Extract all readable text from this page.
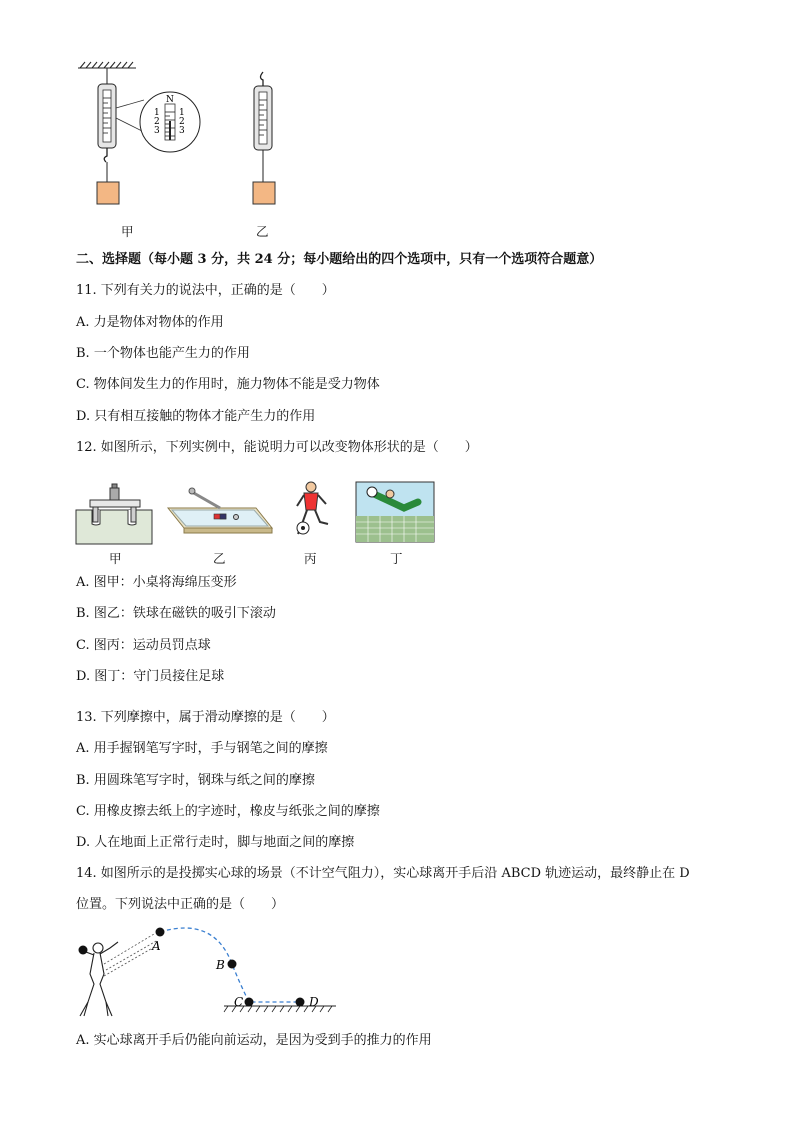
N
1
2
3
1
2
3
甲	乙
二、选择题（每小题 3 分，共 24 分；每小题给出的四个选项中，只有一个选项符合题意）
11. 下列有关力的说法中，正确的是（　　）
A. 力是物体对物体的作用
B. 一个物体也能产生力的作用
C. 物体间发生力的作用时，施力物体不能是受力物体
D. 只有相互接触的物体才能产生力的作用
12. 如图所示，下列实例中，能说明力可以改变物体形状的是（　　）
甲	乙	丙	丁
A. 图甲：小桌将海绵压变形
B. 图乙：铁球在磁铁的吸引下滚动
C. 图丙：运动员罚点球
D. 图丁：守门员接住足球
13. 下列摩擦中，属于滑动摩擦的是（　　）
A. 用手握钢笔写字时，手与钢笔之间的摩擦
B. 用圆珠笔写字时，钢珠与纸之间的摩擦
C. 用橡皮擦去纸上的字迹时，橡皮与纸张之间的摩擦
D. 人在地面上正常行走时，脚与地面之间的摩擦
14. 如图所示的是投掷实心球的场景（不计空气阻力），实心球离开手后沿 ABCD 轨迹运动，最终静止在 D
位置。下列说法中正确的是（　　）
A
B
C	D
A. 实心球离开手后仍能向前运动，是因为受到手的推力的作用
